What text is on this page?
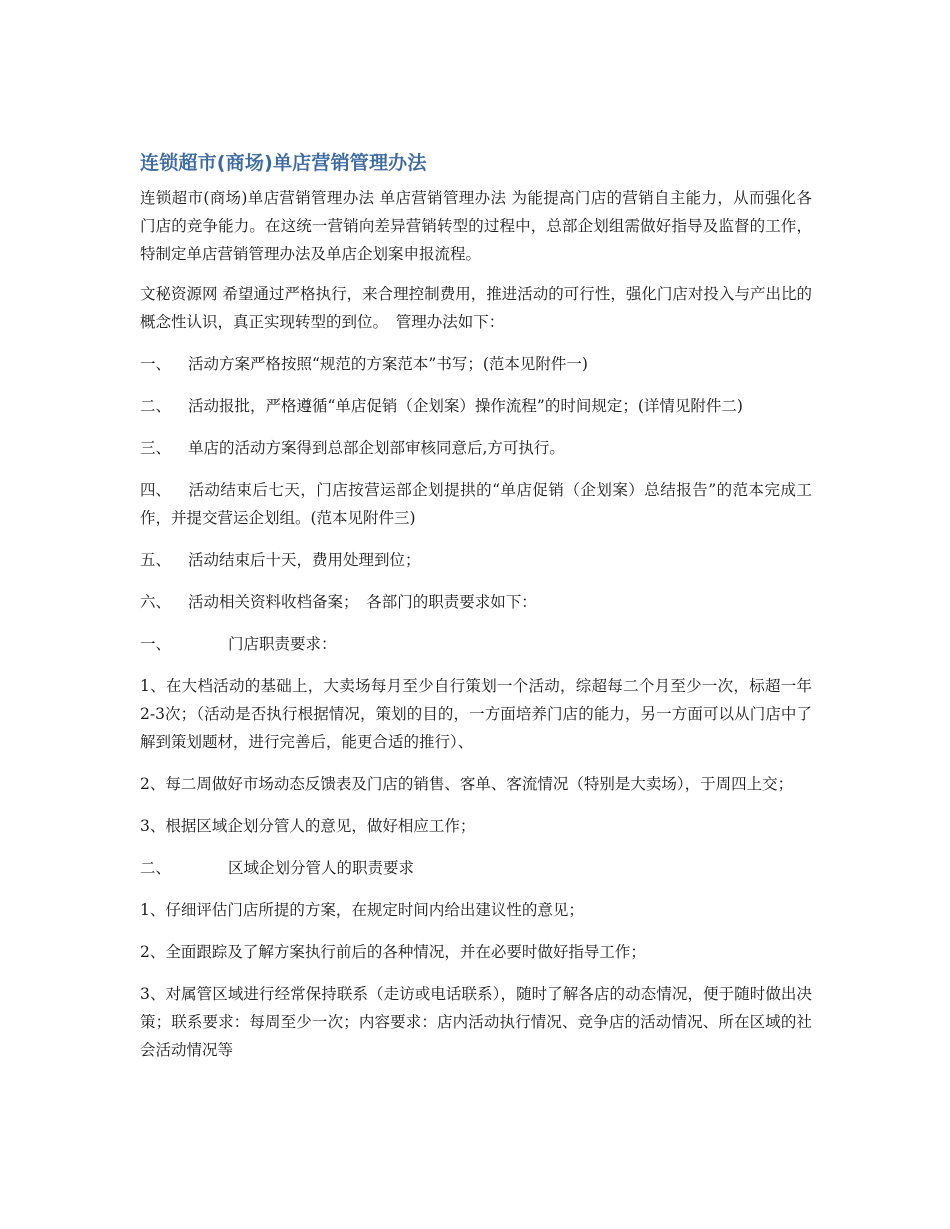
连锁超市(商场)单店营销管理办法

连锁超市(商场)单店营销管理办法 单店营销管理办法 为能提高门店的营销自主能力，从而强化各门店的竞争能力。在这统一营销向差异营销转型的过程中，总部企划组需做好指导及监督的工作，特制定单店营销管理办法及单店企划案申报流程。

文秘资源网 希望通过严格执行，来合理控制费用，推进活动的可行性，强化门店对投入与产出比的概念性认识，真正实现转型的到位。　管理办法如下：

一、 活动方案严格按照“规范的方案范本”书写；(范本见附件一)

二、 活动报批，严格遵循“单店促销（企划案）操作流程”的时间规定；(详情见附件二)

三、 单店的活动方案得到总部企划部审核同意后,方可执行。

四、 活动结束后七天，门店按营运部企划提拱的“单店促销（企划案）总结报告”的范本完成工作，并提交营运企划组。(范本见附件三)

五、 活动结束后十天，费用处理到位；

六、 活动相关资料收档备案；　各部门的职责要求如下：

一、	门店职责要求：

1、在大档活动的基础上，大卖场每月至少自行策划一个活动，综超每二个月至少一次，标超一年2-3次；（活动是否执行根据情况，策划的目的，一方面培养门店的能力，另一方面可以从门店中了解到策划题材，进行完善后，能更合适的推行）、

2、每二周做好市场动态反馈表及门店的销售、客单、客流情况（特别是大卖场），于周四上交；

3、根据区域企划分管人的意见，做好相应工作；

二、	区域企划分管人的职责要求

1、仔细评估门店所提的方案，在规定时间内给出建议性的意见；

2、全面跟踪及了解方案执行前后的各种情况，并在必要时做好指导工作；

3、对属管区域进行经常保持联系（走访或电话联系），随时了解各店的动态情况，便于随时做出决策；联系要求：每周至少一次；内容要求：店内活动执行情况、竞争店的活动情况、所在区域的社会活动情况等
